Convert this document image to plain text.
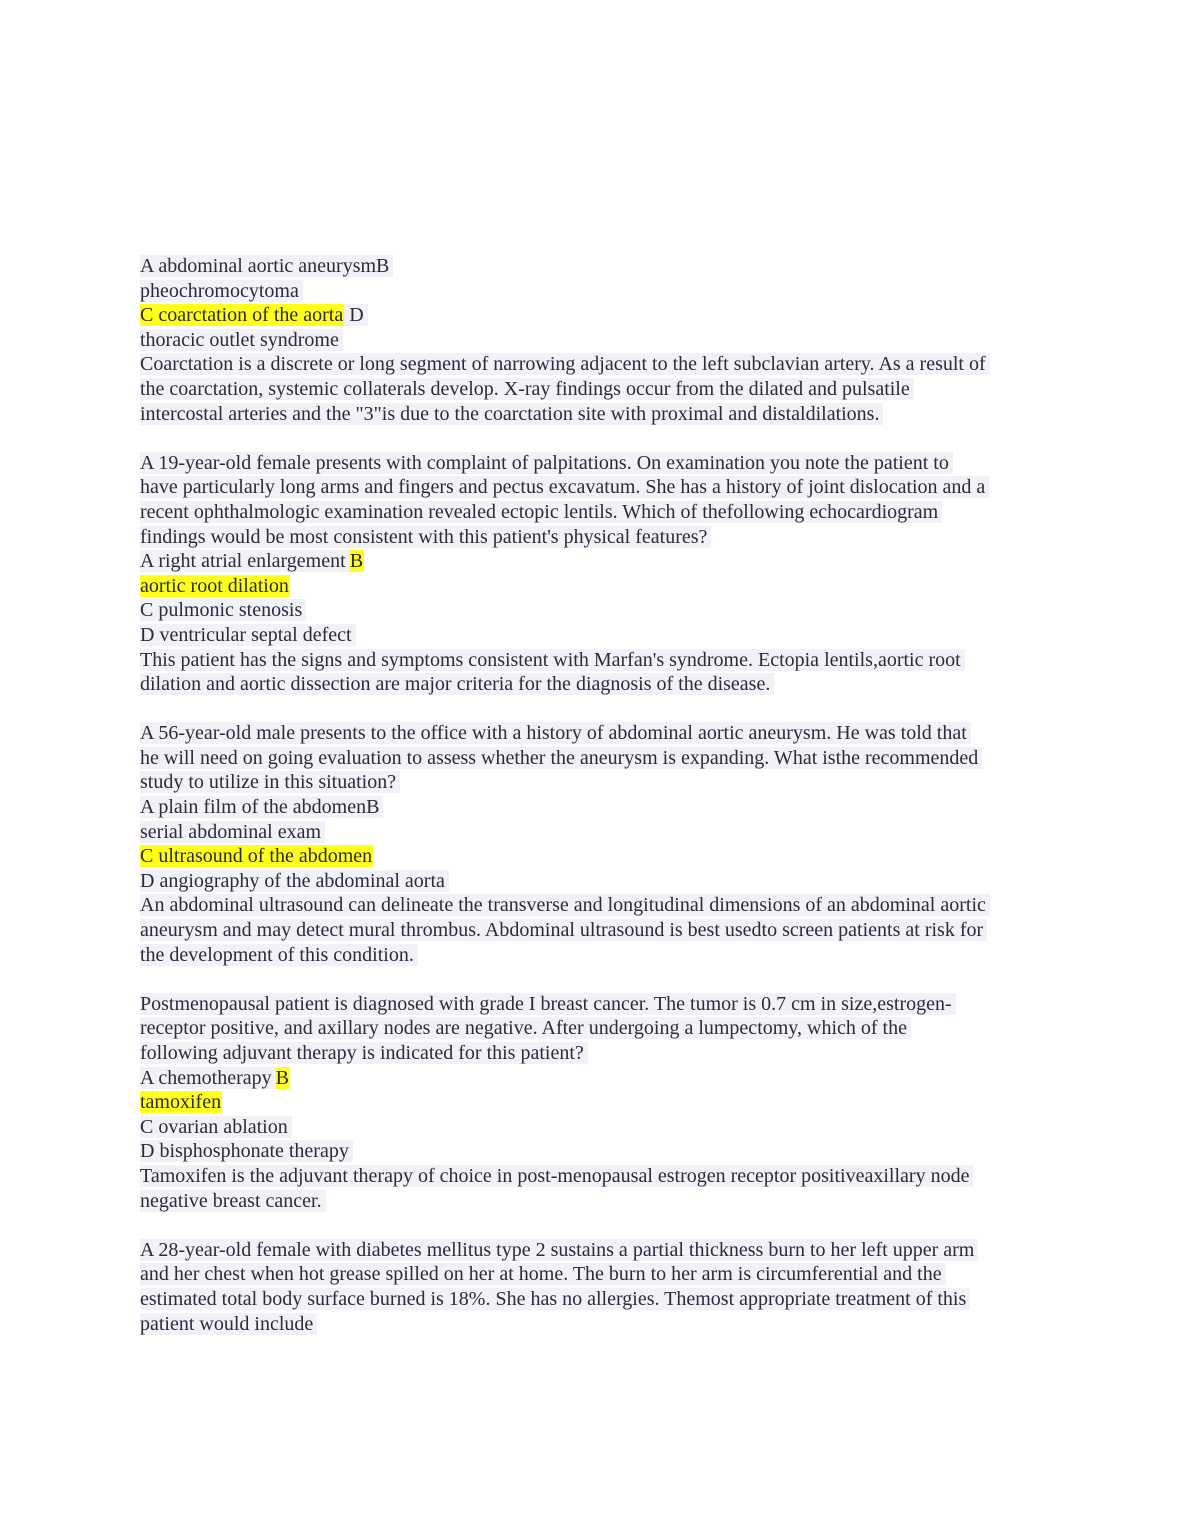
A abdominal aortic aneurysmB
pheochromocytoma
C coarctation of the aorta D
thoracic outlet syndrome
Coarctation is a discrete or long segment of narrowing adjacent to the left subclavian artery. As a result of
the coarctation, systemic collaterals develop. X-ray findings occur from the dilated and pulsatile
intercostal arteries and the "3"is due to the coarctation site with proximal and distaldilations.
A 19-year-old female presents with complaint of palpitations. On examination you note the patient to
have particularly long arms and fingers and pectus excavatum. She has a history of joint dislocation and a
recent ophthalmologic examination revealed ectopic lentils. Which of thefollowing echocardiogram
findings would be most consistent with this patient's physical features?
A right atrial enlargement B
aortic root dilation
C pulmonic stenosis
D ventricular septal defect
This patient has the signs and symptoms consistent with Marfan's syndrome. Ectopia lentils,aortic root
dilation and aortic dissection are major criteria for the diagnosis of the disease.
A 56-year-old male presents to the office with a history of abdominal aortic aneurysm. He was told that
he will need on going evaluation to assess whether the aneurysm is expanding. What isthe recommended
study to utilize in this situation?
A plain film of the abdomenB
serial abdominal exam
C ultrasound of the abdomen
D angiography of the abdominal aorta
An abdominal ultrasound can delineate the transverse and longitudinal dimensions of an abdominal aortic
aneurysm and may detect mural thrombus. Abdominal ultrasound is best usedto screen patients at risk for
the development of this condition.
Postmenopausal patient is diagnosed with grade I breast cancer. The tumor is 0.7 cm in size,estrogen-
receptor positive, and axillary nodes are negative. After undergoing a lumpectomy, which of the
following adjuvant therapy is indicated for this patient?
A chemotherapy B
tamoxifen
C ovarian ablation
D bisphosphonate therapy
Tamoxifen is the adjuvant therapy of choice in post-menopausal estrogen receptor positiveaxillary node
negative breast cancer.
A 28-year-old female with diabetes mellitus type 2 sustains a partial thickness burn to her left upper arm
and her chest when hot grease spilled on her at home. The burn to her arm is circumferential and the
estimated total body surface burned is 18%. She has no allergies. Themost appropriate treatment of this
patient would include
